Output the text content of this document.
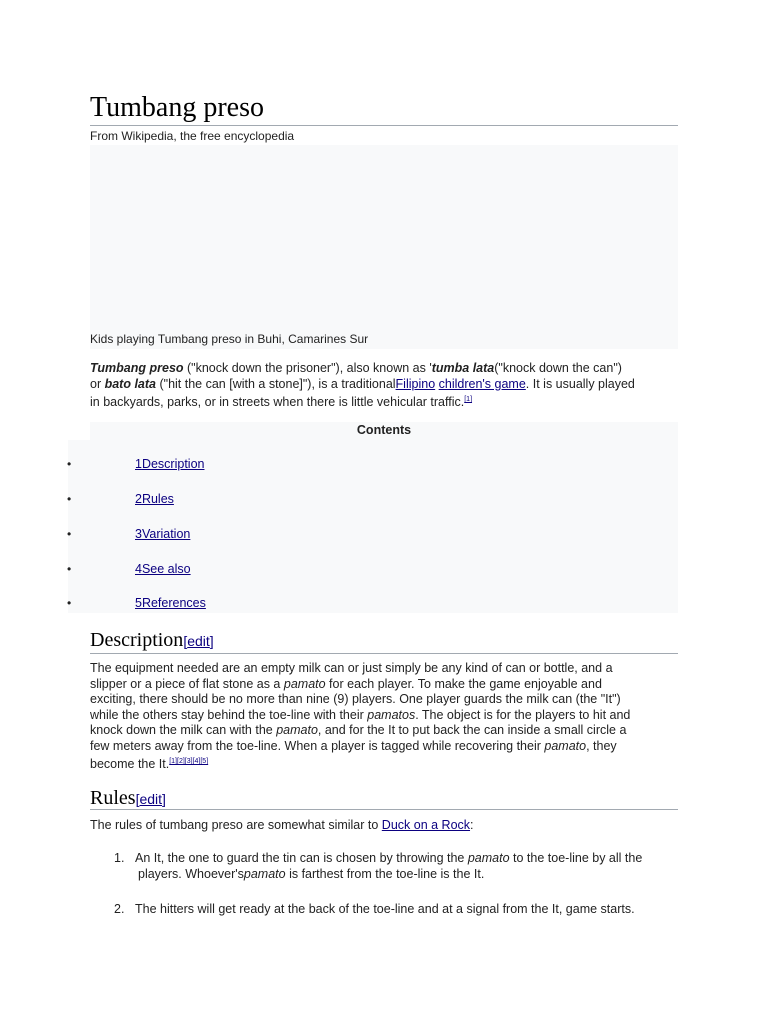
Tumbang preso
From Wikipedia, the free encyclopedia
Kids playing Tumbang preso in Buhi, Camarines Sur
Tumbang preso ("knock down the prisoner"), also known as 'tumba lata("knock down the can")
or bato lata ("hit the can [with a stone]"), is a traditionalFilipino children's game. It is usually played
in backyards, parks, or in streets when there is little vehicular traffic.[1]
Contents
•	1Description
•	2Rules
•	3Variation
•	4See also
•	5References
Description[edit]
The equipment needed are an empty milk can or just simply be any kind of can or bottle, and a
slipper or a piece of flat stone as a pamato for each player. To make the game enjoyable and
exciting, there should be no more than nine (9) players. One player guards the milk can (the "It")
while the others stay behind the toe-line with their pamatos. The object is for the players to hit and
knock down the milk can with the pamato, and for the It to put back the can inside a small circle a
few meters away from the toe-line. When a player is tagged while recovering their pamato, they
become the It.[1][2][3][4][5]
Rules[edit]
The rules of tumbang preso are somewhat similar to Duck on a Rock:
1. An It, the one to guard the tin can is chosen by throwing the pamato to the toe-line by all the
players. Whoever'spamato is farthest from the toe-line is the It.
2. The hitters will get ready at the back of the toe-line and at a signal from the It, game starts.
